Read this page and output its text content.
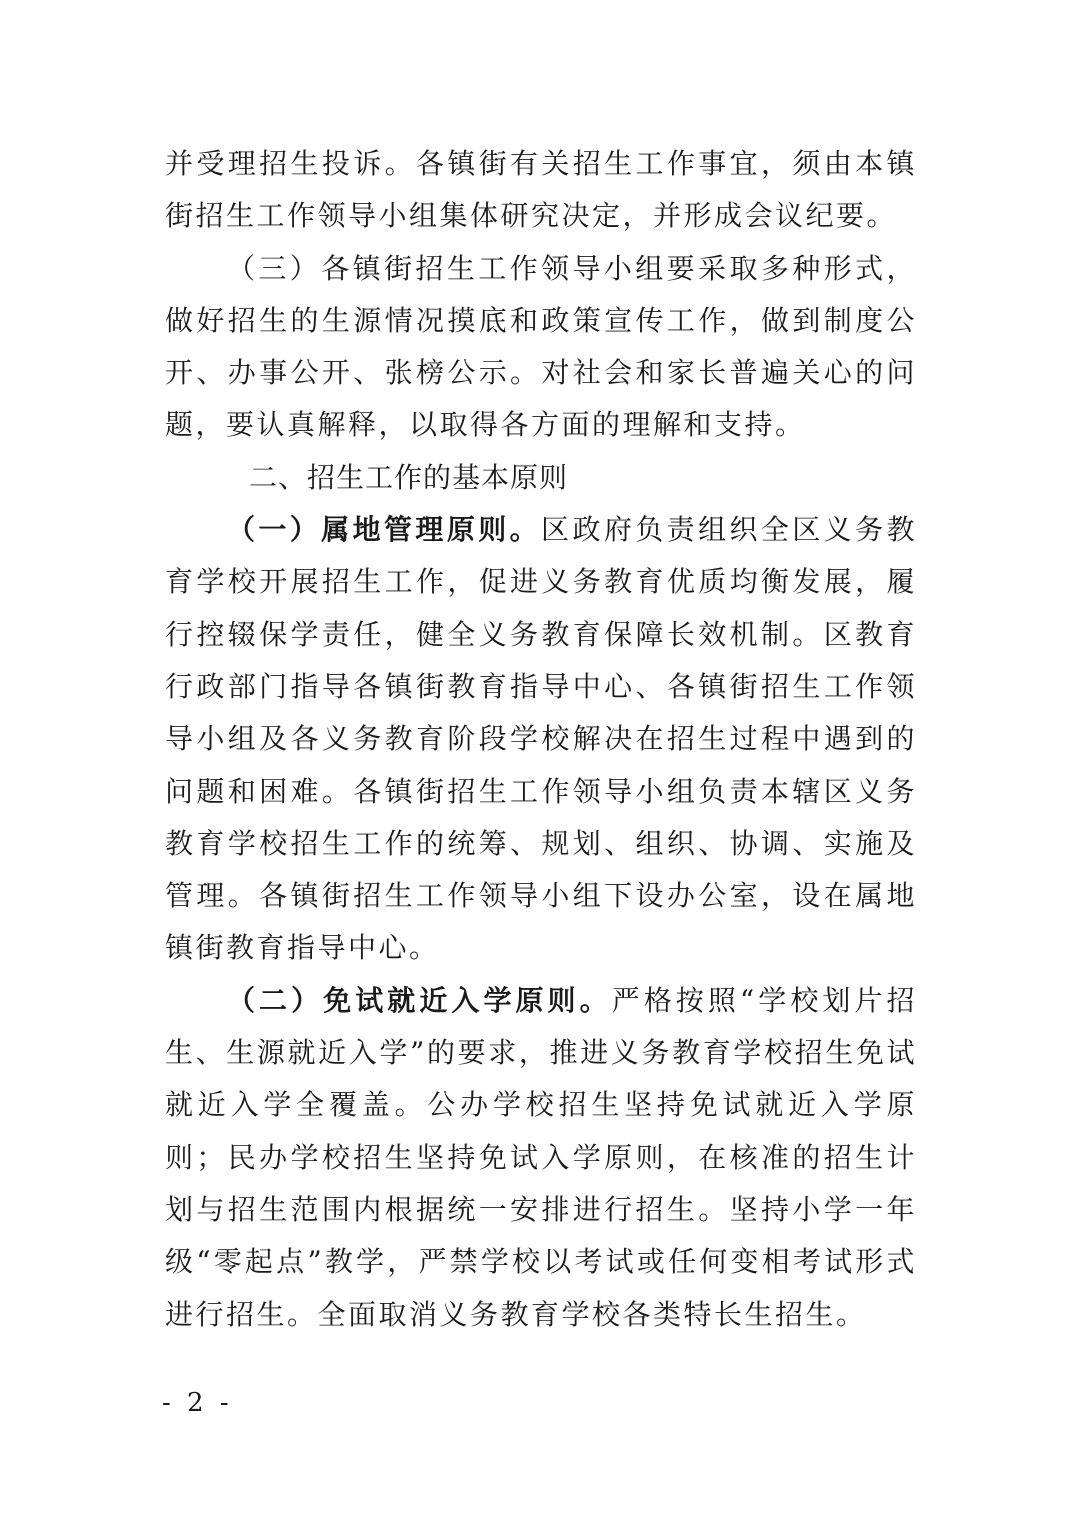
并受理招生投诉。各镇街有关招生工作事宜，须由本镇街招生工作领导小组集体研究决定，并形成会议纪要。

（三）各镇街招生工作领导小组要采取多种形式，做好招生的生源情况摸底和政策宣传工作，做到制度公开、办事公开、张榜公示。对社会和家长普遍关心的问题，要认真解释，以取得各方面的理解和支持。

二、招生工作的基本原则

（一）属地管理原则。区政府负责组织全区义务教育学校开展招生工作，促进义务教育优质均衡发展，履行控辍保学责任，健全义务教育保障长效机制。区教育行政部门指导各镇街教育指导中心、各镇街招生工作领导小组及各义务教育阶段学校解决在招生过程中遇到的问题和困难。各镇街招生工作领导小组负责本辖区义务教育学校招生工作的统筹、规划、组织、协调、实施及管理。各镇街招生工作领导小组下设办公室，设在属地镇街教育指导中心。

（二）免试就近入学原则。严格按照“学校划片招生、生源就近入学”的要求，推进义务教育学校招生免试就近入学全覆盖。公办学校招生坚持免试就近入学原则；民办学校招生坚持免试入学原则，在核准的招生计划与招生范围内根据统一安排进行招生。坚持小学一年级“零起点”教学，严禁学校以考试或任何变相考试形式进行招生。全面取消义务教育学校各类特长生招生。

- 2 -
